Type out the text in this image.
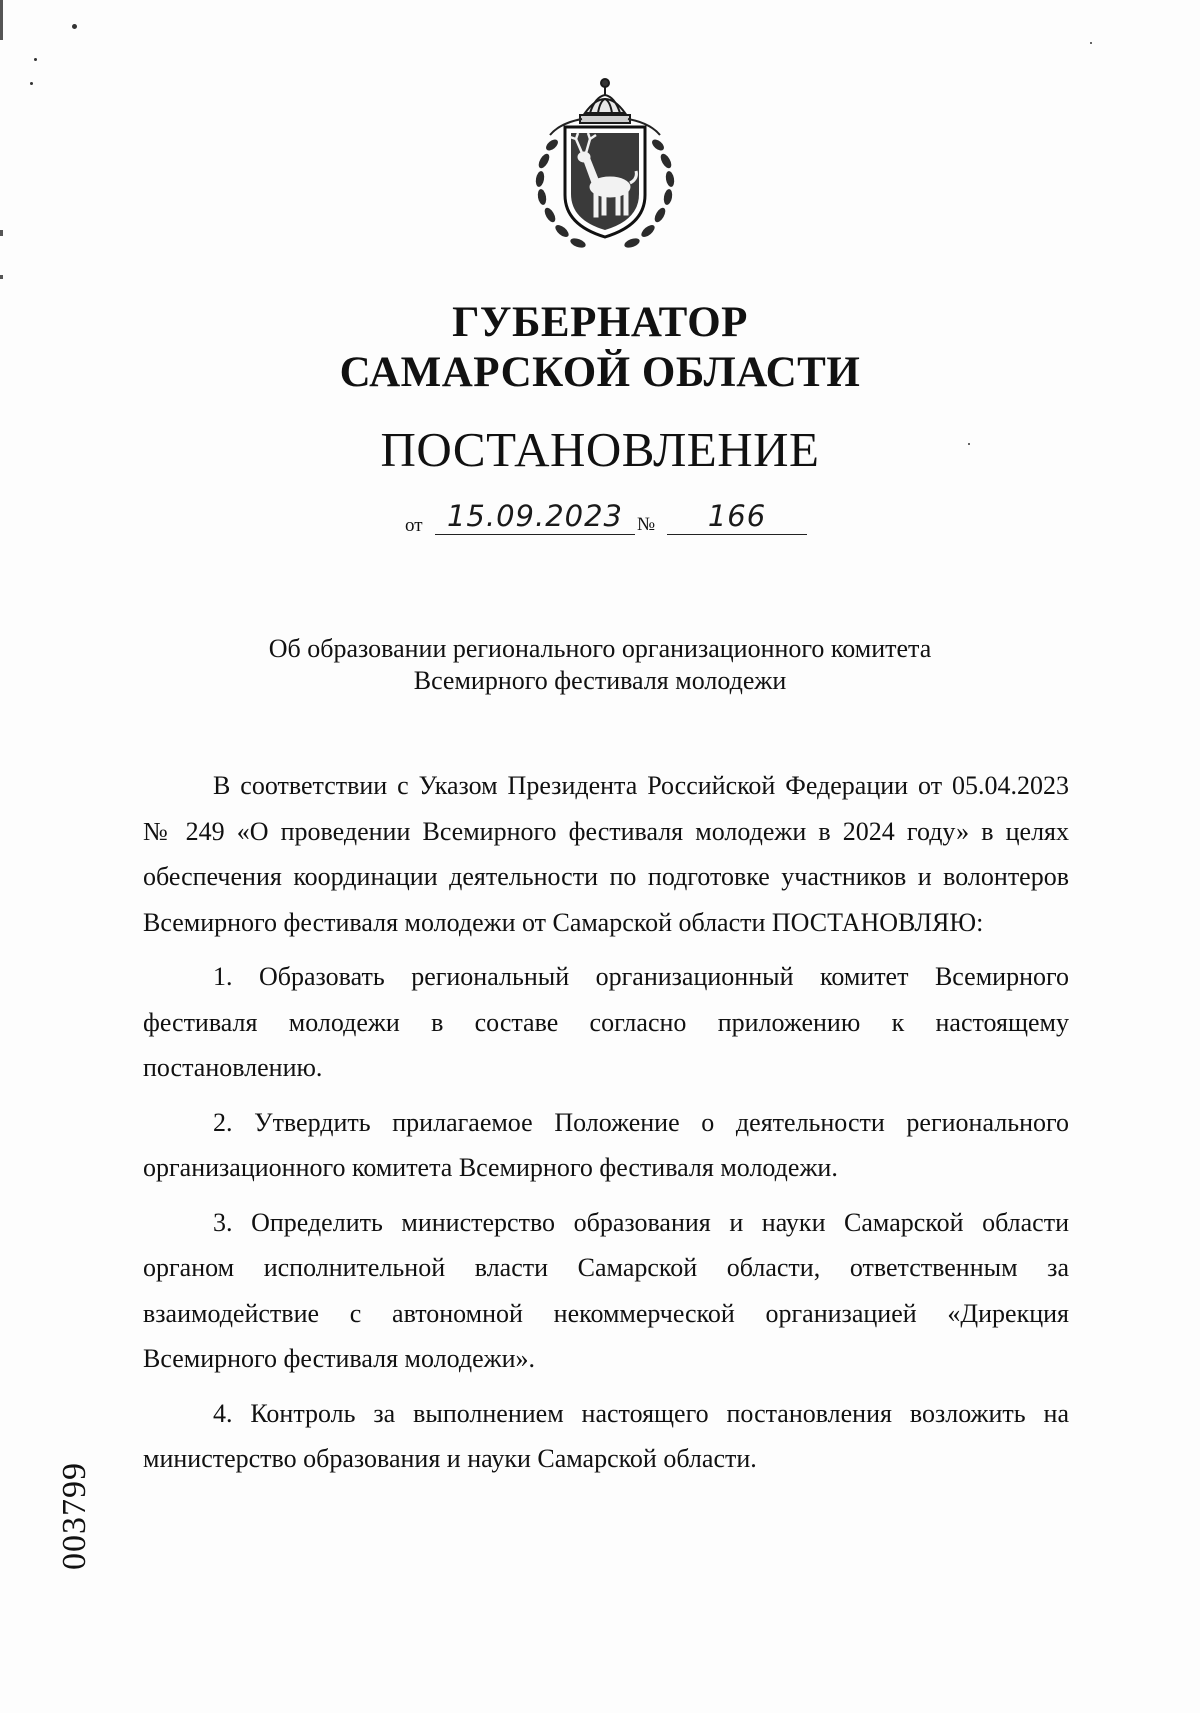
ГУБЕРНАТОР
САМАРСКОЙ ОБЛАСТИ
ПОСТАНОВЛЕНИЕ
от 15.09.2023 №	166
Об образовании регионального организационного комитета
Всемирного фестиваля молодежи

В соответствии с Указом Президента Российской Федерации от 05.04.2023 № 249 «О проведении Всемирного фестиваля молодежи в 2024 году» в целях обеспечения координации деятельности по подготовке участников и волонтеров Всемирного фестиваля молодежи от Самарской области ПОСТАНОВЛЯЮ:

1. Образовать региональный организационный комитет Всемирного фестиваля молодежи в составе согласно приложению к настоящему постановлению.

2. Утвердить прилагаемое Положение о деятельности регионального организационного комитета Всемирного фестиваля молодежи.

3. Определить министерство образования и науки Самарской области органом исполнительной власти Самарской области, ответственным за взаимодействие с автономной некоммерческой организацией «Дирекция Всемирного фестиваля молодежи».

4. Контроль за выполнением настоящего постановления возложить на министерство образования и науки Самарской области.

003799
